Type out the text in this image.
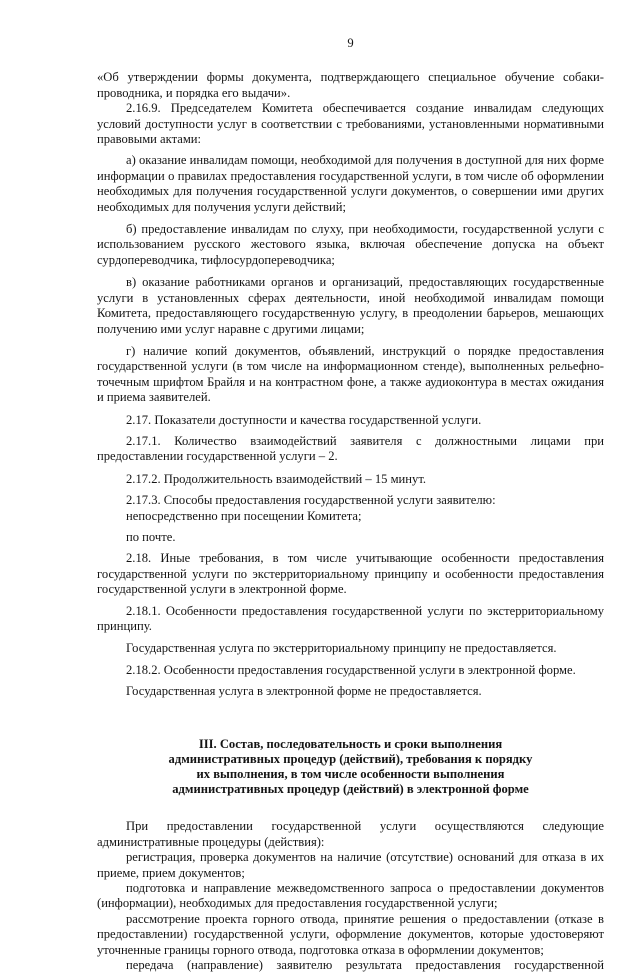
9

«Об утверждении формы документа, подтверждающего специальное обучение собаки-проводника, и порядка его выдачи».

2.16.9. Председателем Комитета обеспечивается создание инвалидам следующих условий доступности услуг в соответствии с требованиями, установленными нормативными правовыми актами:

а) оказание инвалидам помощи, необходимой для получения в доступной для них форме информации о правилах предоставления государственной услуги, в том числе об оформлении необходимых для получения государственной услуги документов, о совершении ими других необходимых для получения услуги действий;

б) предоставление инвалидам по слуху, при необходимости, государственной услуги с использованием русского жестового языка, включая обеспечение допуска на объект сурдопереводчика, тифлосурдопереводчика;

в) оказание работниками органов и организаций, предоставляющих государственные услуги в установленных сферах деятельности, иной необходимой инвалидам помощи Комитета, предоставляющего государственную услугу, в преодолении барьеров, мешающих получению ими услуг наравне с другими лицами;

г) наличие копий документов, объявлений, инструкций о порядке предоставления государственной услуги (в том числе на информационном стенде), выполненных рельефно-точечным шрифтом Брайля и на контрастном фоне, а также аудиоконтура в местах ожидания и приема заявителей.

2.17. Показатели доступности и качества государственной услуги.

2.17.1. Количество взаимодействий заявителя с должностными лицами при предоставлении государственной услуги – 2.

2.17.2. Продолжительность взаимодействий – 15 минут.

2.17.3. Способы предоставления государственной услуги заявителю:

непосредственно при посещении Комитета;

по почте.

2.18. Иные требования, в том числе учитывающие особенности предоставления государственной услуги по экстерриториальному принципу и особенности предоставления государственной услуги в электронной форме.

2.18.1. Особенности предоставления государственной услуги по экстерриториальному принципу.

Государственная услуга по экстерриториальному принципу не предоставляется.

2.18.2. Особенности предоставления государственной услуги в электронной форме.

Государственная услуга в электронной форме не предоставляется.

III. Состав, последовательность и сроки выполнения
административных процедур (действий), требования к порядку
их выполнения, в том числе особенности выполнения
административных процедур (действий) в электронной форме

При предоставлении государственной услуги осуществляются следующие административные процедуры (действия):

регистрация, проверка документов на наличие (отсутствие) оснований для отказа в их приеме, прием документов;

подготовка и направление межведомственного запроса о предоставлении документов (информации), необходимых для предоставления государственной услуги;

рассмотрение проекта горного отвода, принятие решения о предоставлении (отказе в предоставлении) государственной услуги, оформление документов, которые удостоверяют уточненные границы горного отвода, подготовка отказа в оформлении документов;

передача (направление) заявителю результата предоставления государственной
